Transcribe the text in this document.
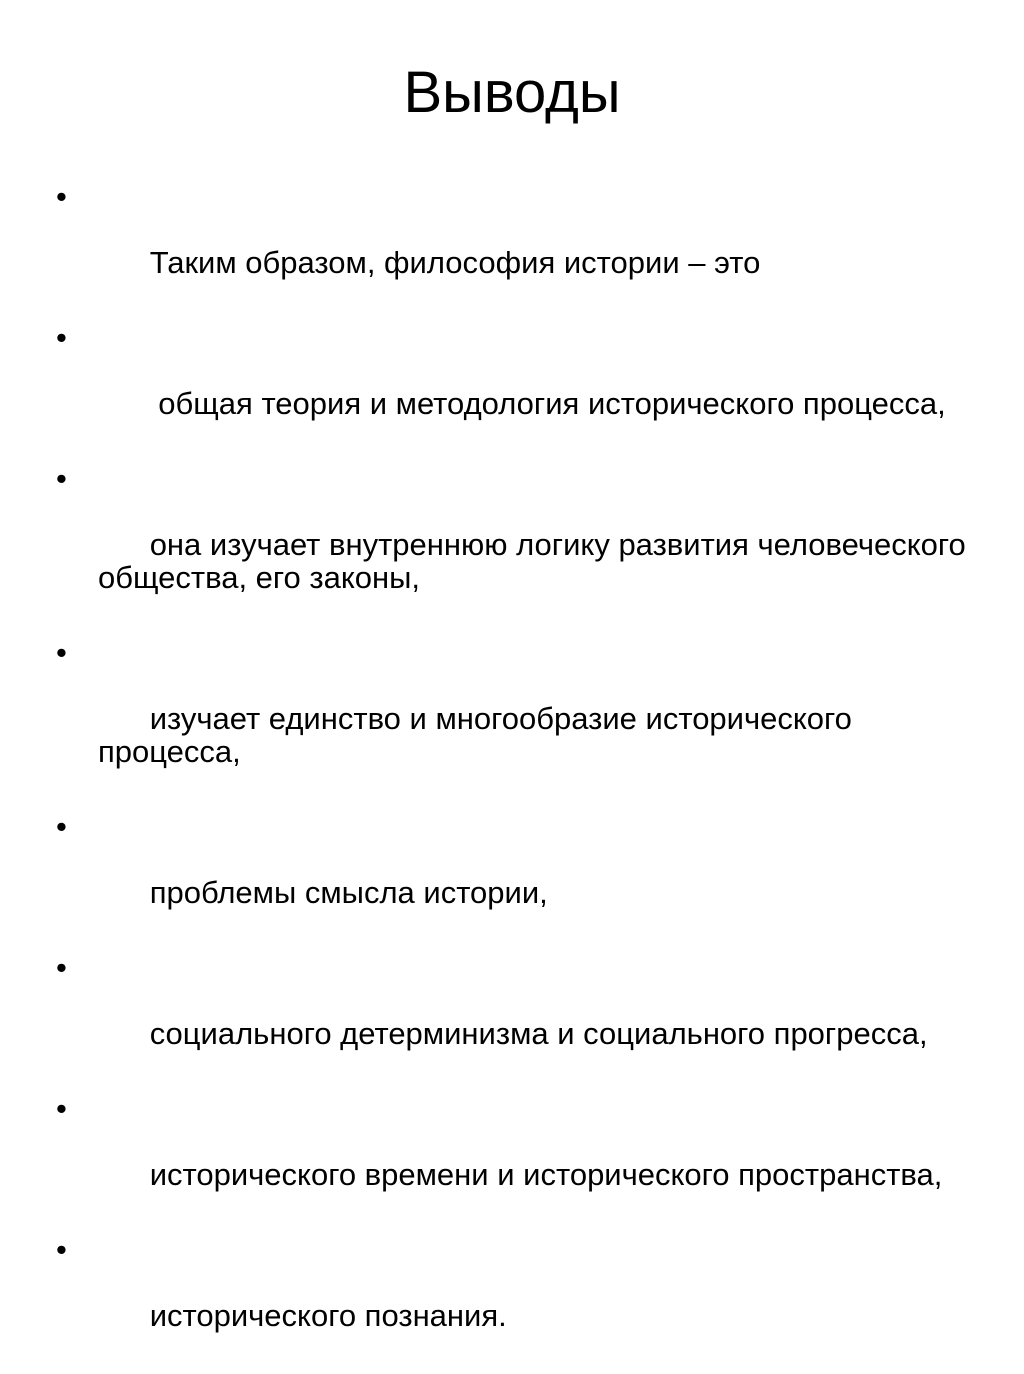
Выводы

•

Таким образом, философия истории – это

•

общая теория и методология исторического процесса,

•

она изучает внутреннюю логику развития человеческого общества, его законы,

•

изучает единство и многообразие исторического процесса,

•

проблемы смысла истории,

•

социального детерминизма и социального прогресса,

•

исторического времени и исторического пространства,

•

исторического познания.
